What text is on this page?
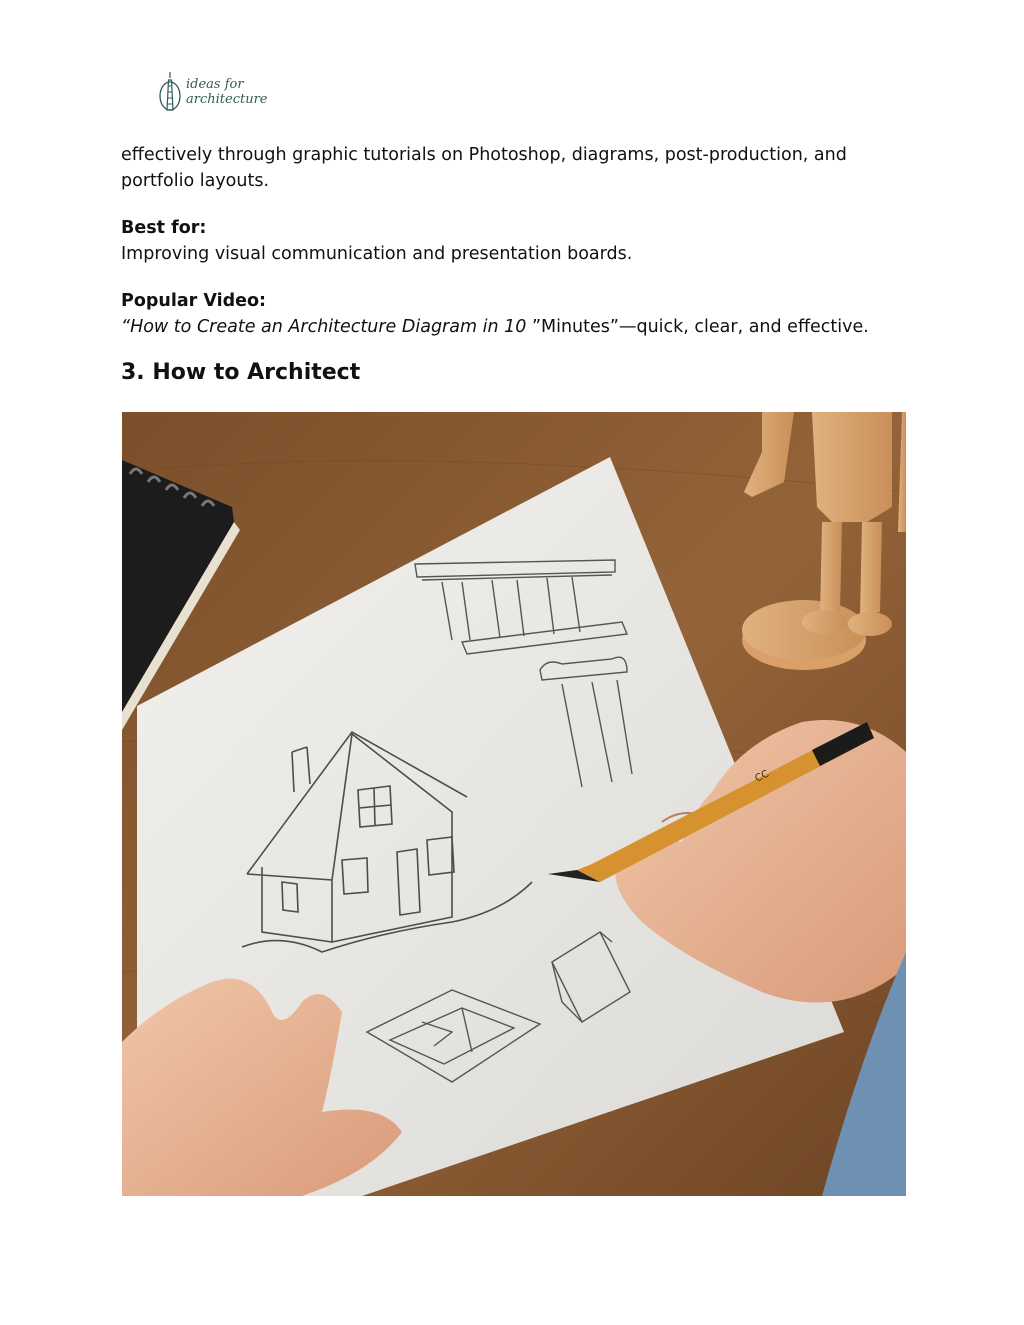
ideas for
architecture

effectively through graphic tutorials on Photoshop, diagrams, post-production, and portfolio layouts.

Best for:

Improving visual communication and presentation boards.

Popular Video:

“How to Create an Architecture Diagram in 10 ”Minutes”—quick, clear, and effective.

3. How to Architect
CC
